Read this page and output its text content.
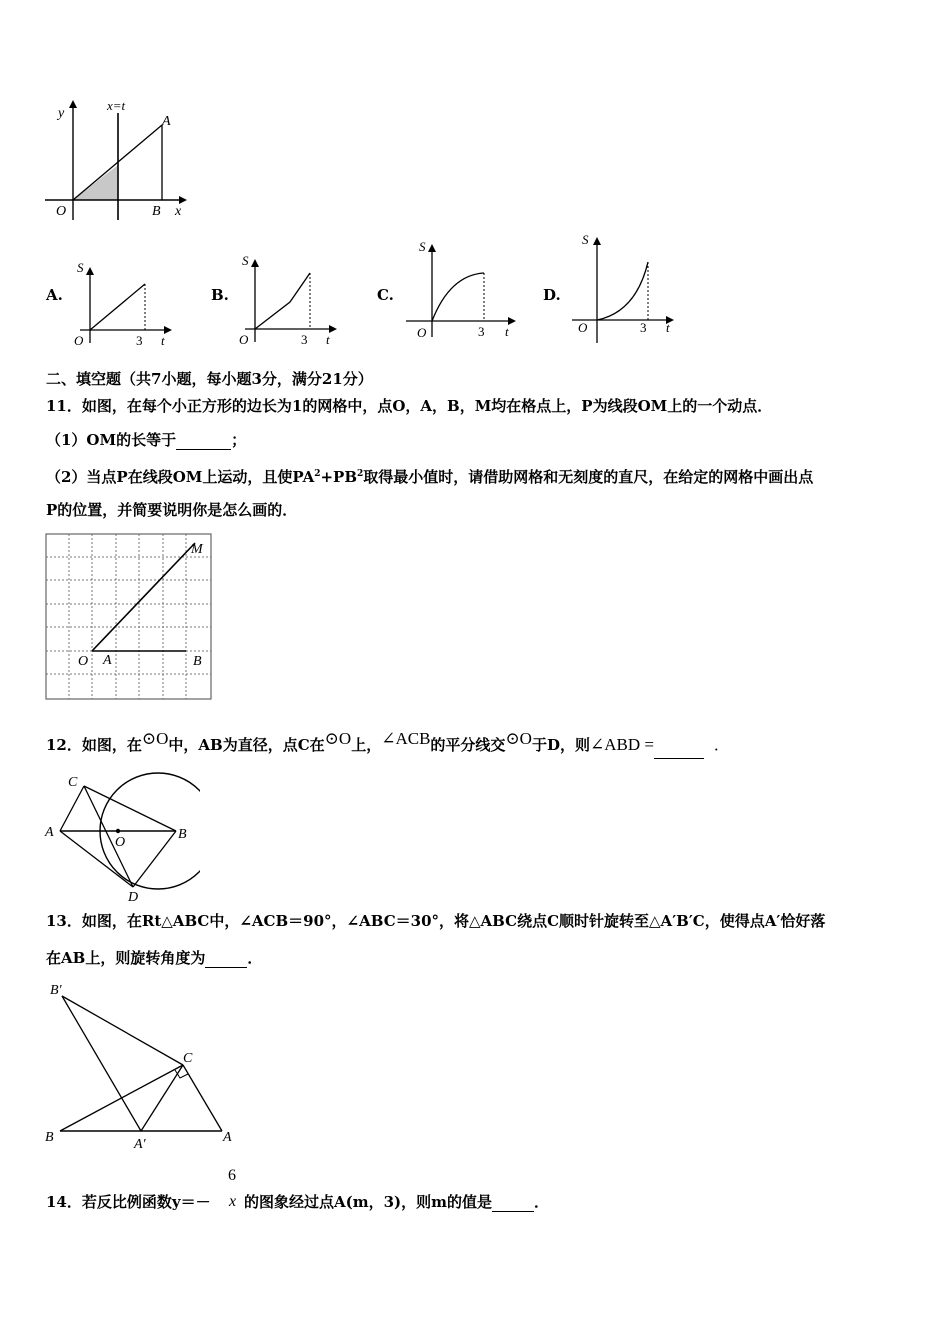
y
x=t
A
O	B x
A.
S
O	3 t
B.
S
O	3 t
C.
S
O	3 t
D.
S
O	3 t
二、填空题（共7小题，每小题3分，满分21分）
11．如图，在每个小正方形的边长为1的网格中，点O，A，B，M均在格点上，P为线段OM上的一个动点．
（1）OM的长等于	；
（2）当点P在线段OM上运动，且使$PA^2+PB^2$取得最小值时，请借助网格和无刻度的直尺，在给定的网格中画出点
P的位置，并简要说明你是怎么画的．
O A	B
M
12．如图，在⊙O中，AB为直径，点C在⊙O上，∠ACB的平分线交⊙O于D，则∠ABD =	．
C
A
O
B
D
13．如图，在Rt△ABC中，∠ACB＝90°，∠ABC＝30°，将△ABC绕点C顺时针旋转至△A′B′C，使得点A′恰好落
在AB上，则旋转角度为	．
B′
C
B	A′	A
14．若反比例函数y＝－
6
x 的图象经过点A(m，3)，则m的值是	．
